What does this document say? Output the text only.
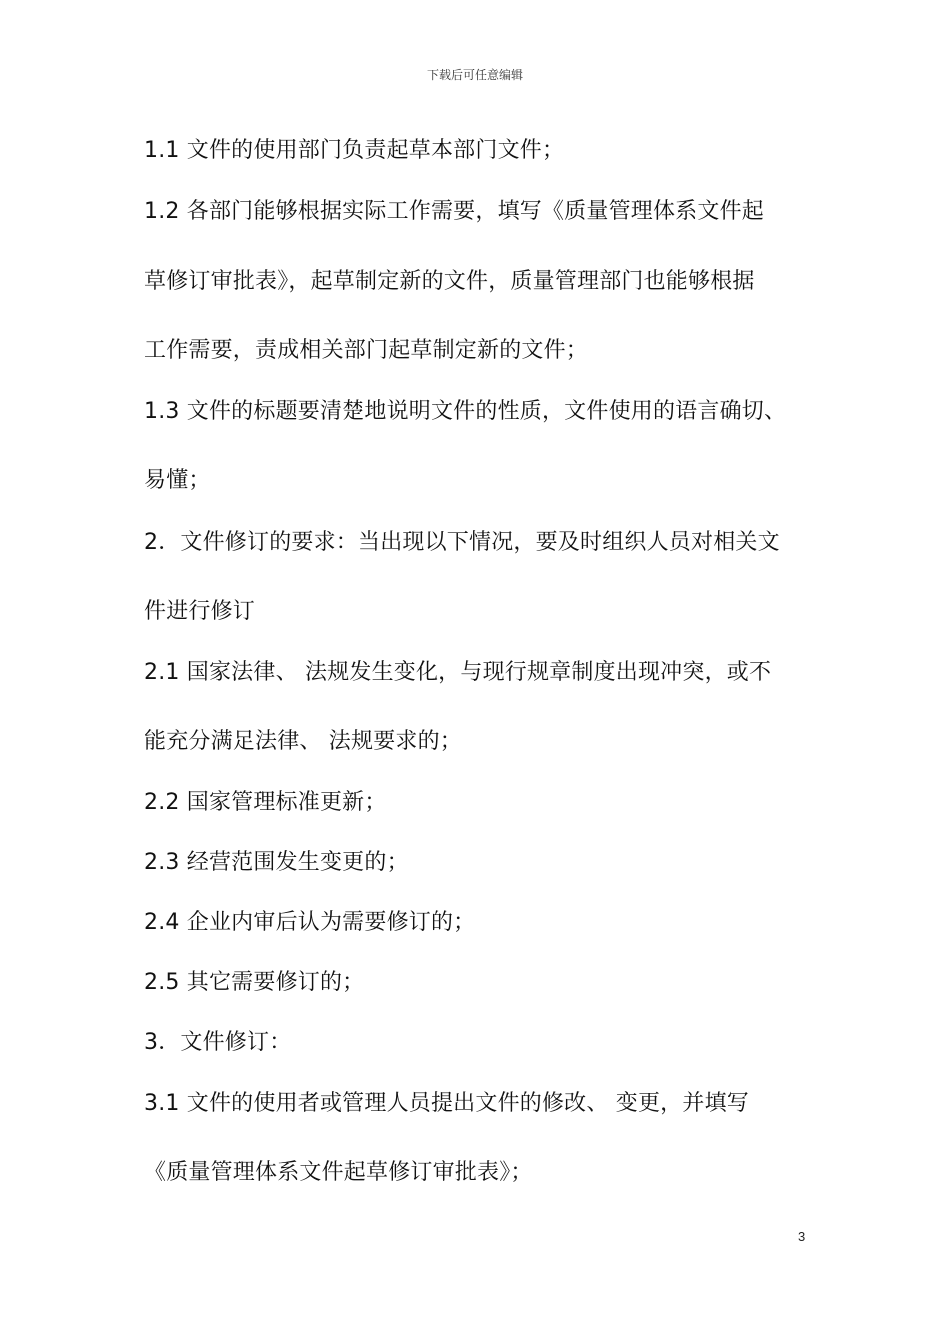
下载后可任意编辑
1.1 文件的使用部门负责起草本部门文件；
1.2 各部门能够根据实际工作需要，填写《质量管理体系文件起
草修订审批表》，起草制定新的文件，质量管理部门也能够根据
工作需要，责成相关部门起草制定新的文件；
1.3 文件的标题要清楚地说明文件的性质，文件使用的语言确切、
易懂；
2．文件修订的要求：当出现以下情况，要及时组织人员对相关文
件进行修订
2.1 国家法律、 法规发生变化，与现行规章制度出现冲突，或不
能充分满足法律、 法规要求的；
2.2 国家管理标准更新；
2.3 经营范围发生变更的；
2.4 企业内审后认为需要修订的；
2.5 其它需要修订的；
3．文件修订：
3.1 文件的使用者或管理人员提出文件的修改、 变更，并填写
《质量管理体系文件起草修订审批表》；
3
